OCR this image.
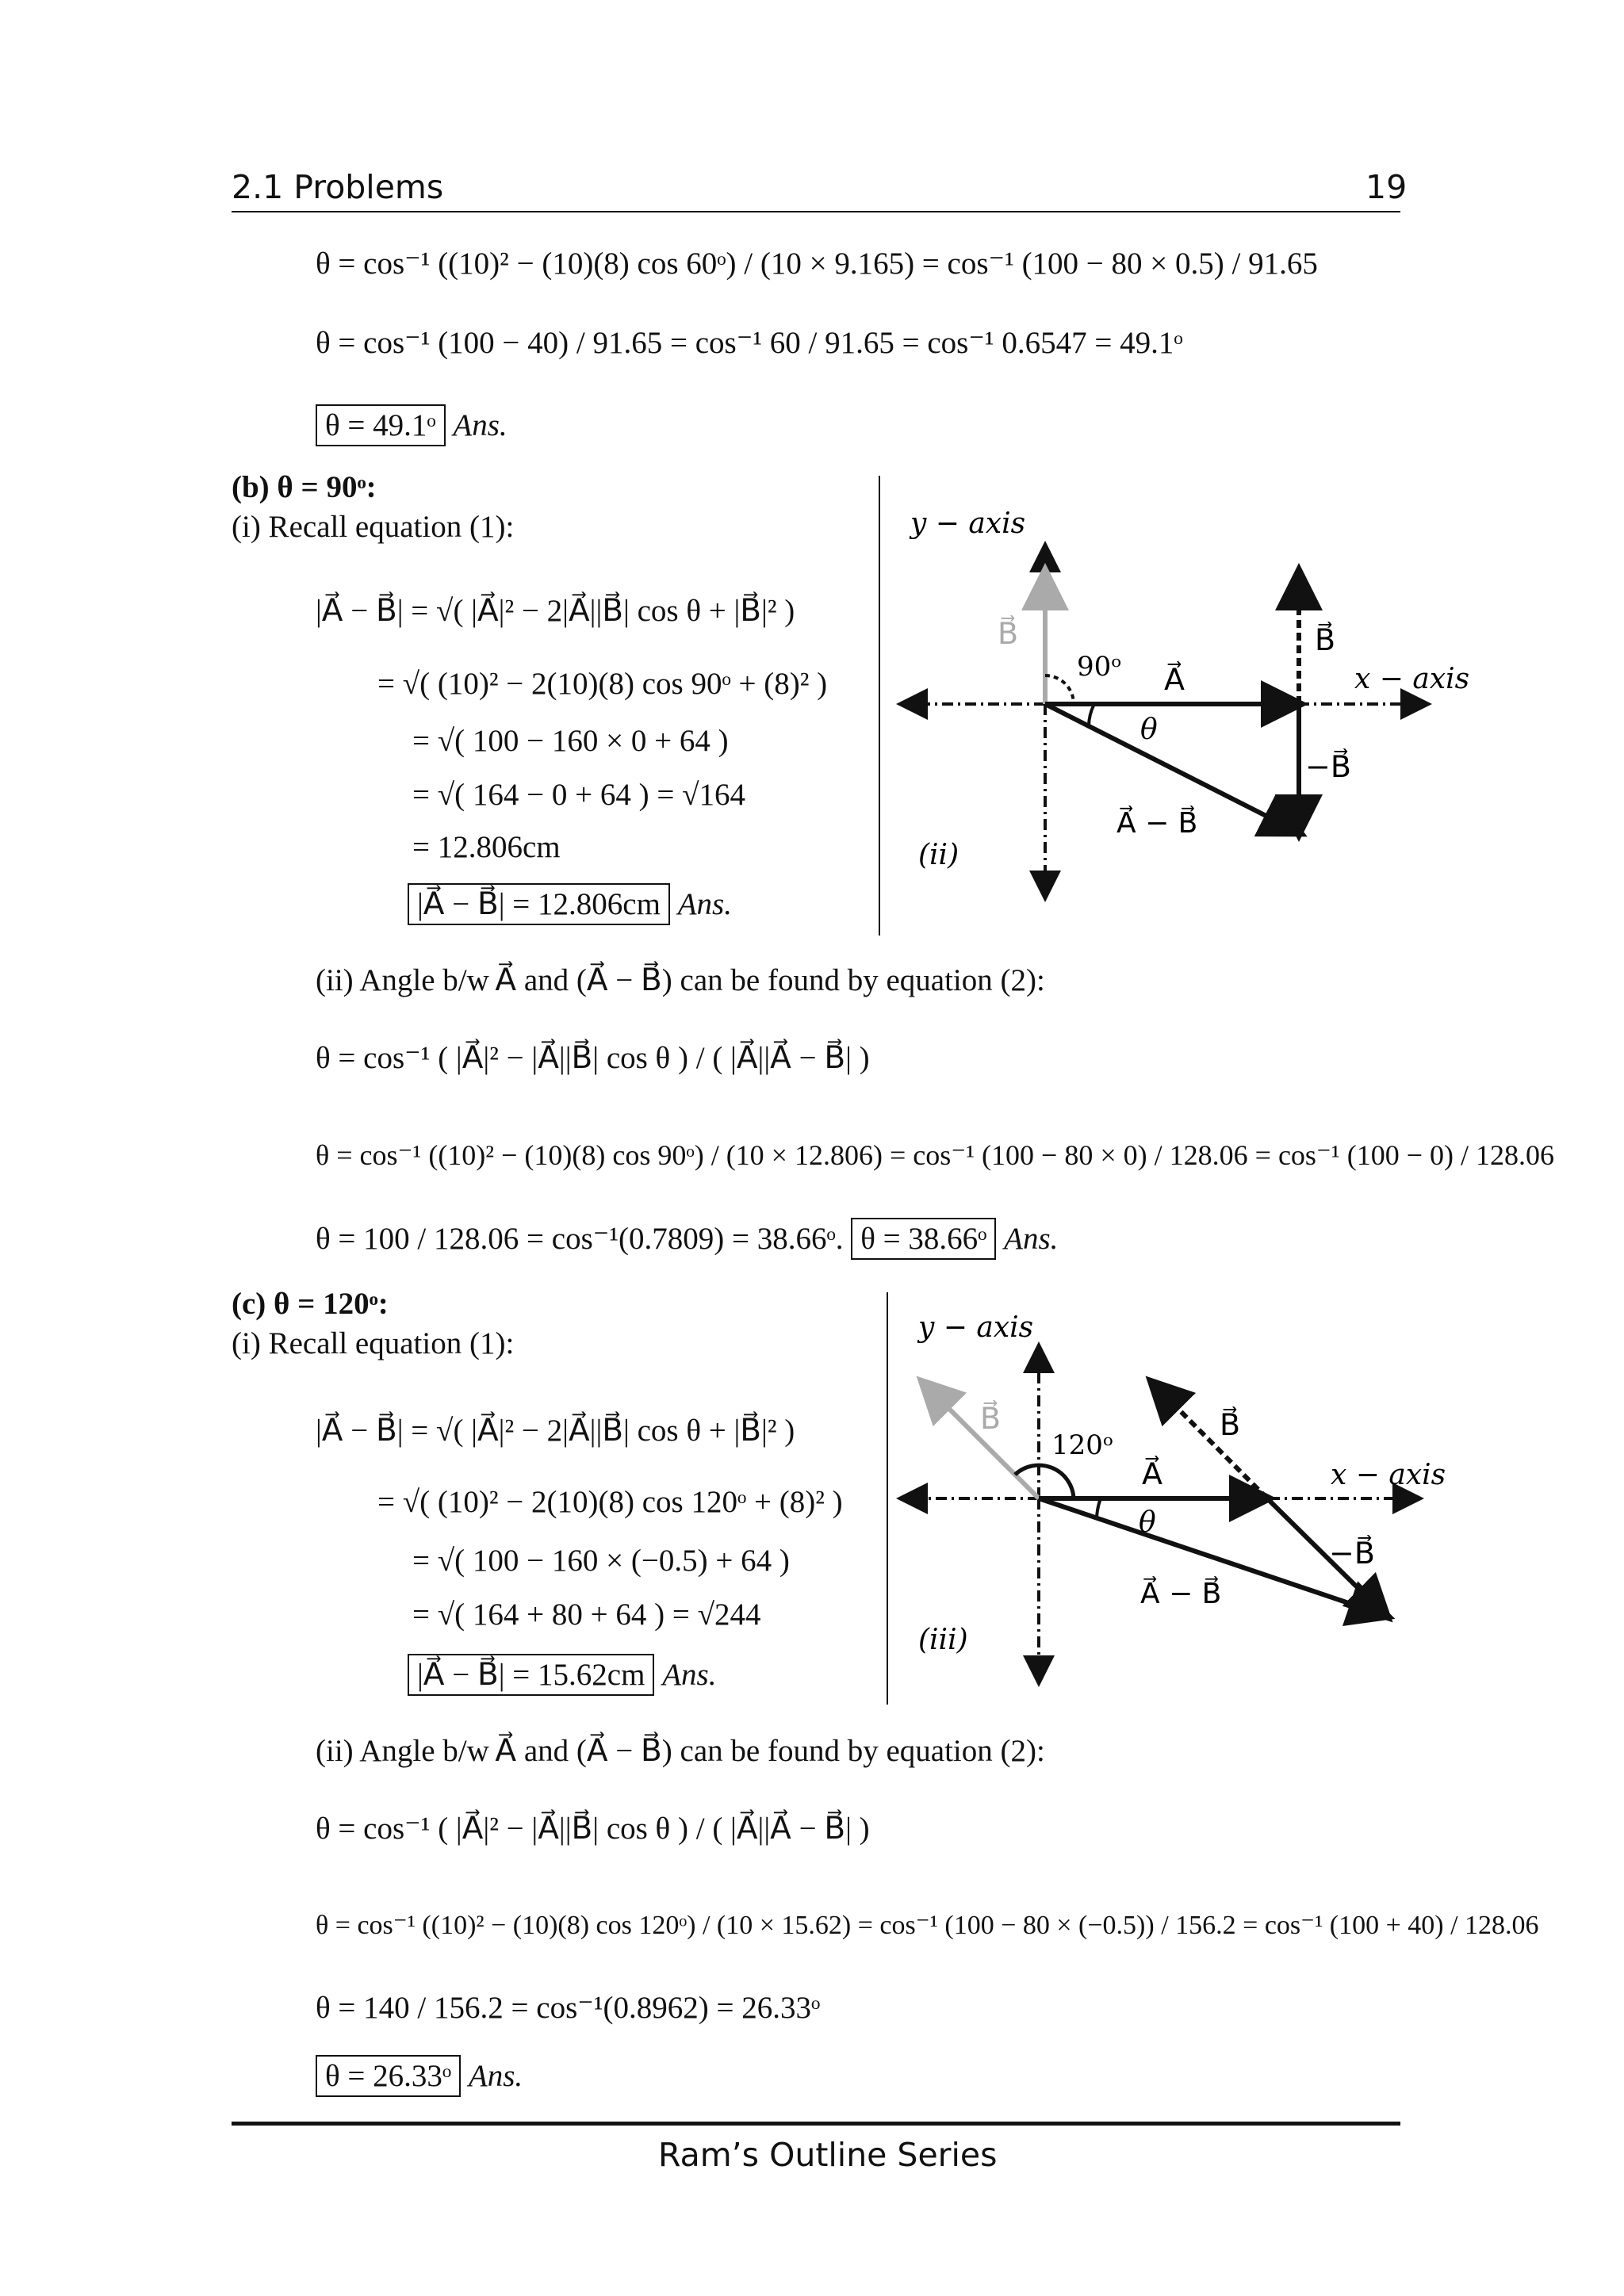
2.1 Problems	19
θ = cos⁻¹ ((10)² − (10)(8) cos 60ᵒ) / (10 × 9.165) = cos⁻¹ (100 − 80 × 0.5) / 91.65
θ = cos⁻¹ (100 − 40) / 91.65 = cos⁻¹ 60 / 91.65 = cos⁻¹ 0.6547 = 49.1ᵒ
θ = 49.1ᵒ Ans.
(b) θ = 90ᵒ:
(i) Recall equation (1):
|A⃗ − B⃗| = √( |A⃗|² − 2|A⃗||B⃗| cos θ + |B⃗|² )
= √( (10)² − 2(10)(8) cos 90ᵒ + (8)² )
= √( 100 − 160 × 0 + 64 )
= √( 164 − 0 + 64 ) = √164
= 12.806cm
|A⃗ − B⃗| = 12.806cm Ans.
y − axis
x − axis
B⃗	B⃗
90ᵒ A⃗
θ
−B⃗
A⃗ − B⃗
(ii)
(ii) Angle b/w A⃗ and (A⃗ − B⃗) can be found by equation (2):
θ = cos⁻¹ ( |A⃗|² − |A⃗||B⃗| cos θ ) / ( |A⃗||A⃗ − B⃗| )
θ = cos⁻¹ ((10)² − (10)(8) cos 90ᵒ) / (10 × 12.806) = cos⁻¹ (100 − 80 × 0) / 128.06 = cos⁻¹ (100 − 0) / 128.06
θ = 100 / 128.06 = cos⁻¹(0.7809) = 38.66ᵒ. θ = 38.66ᵒ Ans.
(c) θ = 120ᵒ:
(i) Recall equation (1):
|A⃗ − B⃗| = √( |A⃗|² − 2|A⃗||B⃗| cos θ + |B⃗|² )
= √( (10)² − 2(10)(8) cos 120ᵒ + (8)² )
= √( 100 − 160 × (−0.5) + 64 )
= √( 164 + 80 + 64 ) = √244
|A⃗ − B⃗| = 15.62cm Ans.
y − axis
x − axis
B⃗	B⃗
120ᵒ
A⃗
θ
−B⃗
A⃗ − B⃗
(iii)
(ii) Angle b/w A⃗ and (A⃗ − B⃗) can be found by equation (2):
θ = cos⁻¹ ( |A⃗|² − |A⃗||B⃗| cos θ ) / ( |A⃗||A⃗ − B⃗| )
θ = cos⁻¹ ((10)² − (10)(8) cos 120ᵒ) / (10 × 15.62) = cos⁻¹ (100 − 80 × (−0.5)) / 156.2 = cos⁻¹ (100 + 40) / 128.06
θ = 140 / 156.2 = cos⁻¹(0.8962) = 26.33ᵒ
θ = 26.33ᵒ Ans.
Ram’s Outline Series
